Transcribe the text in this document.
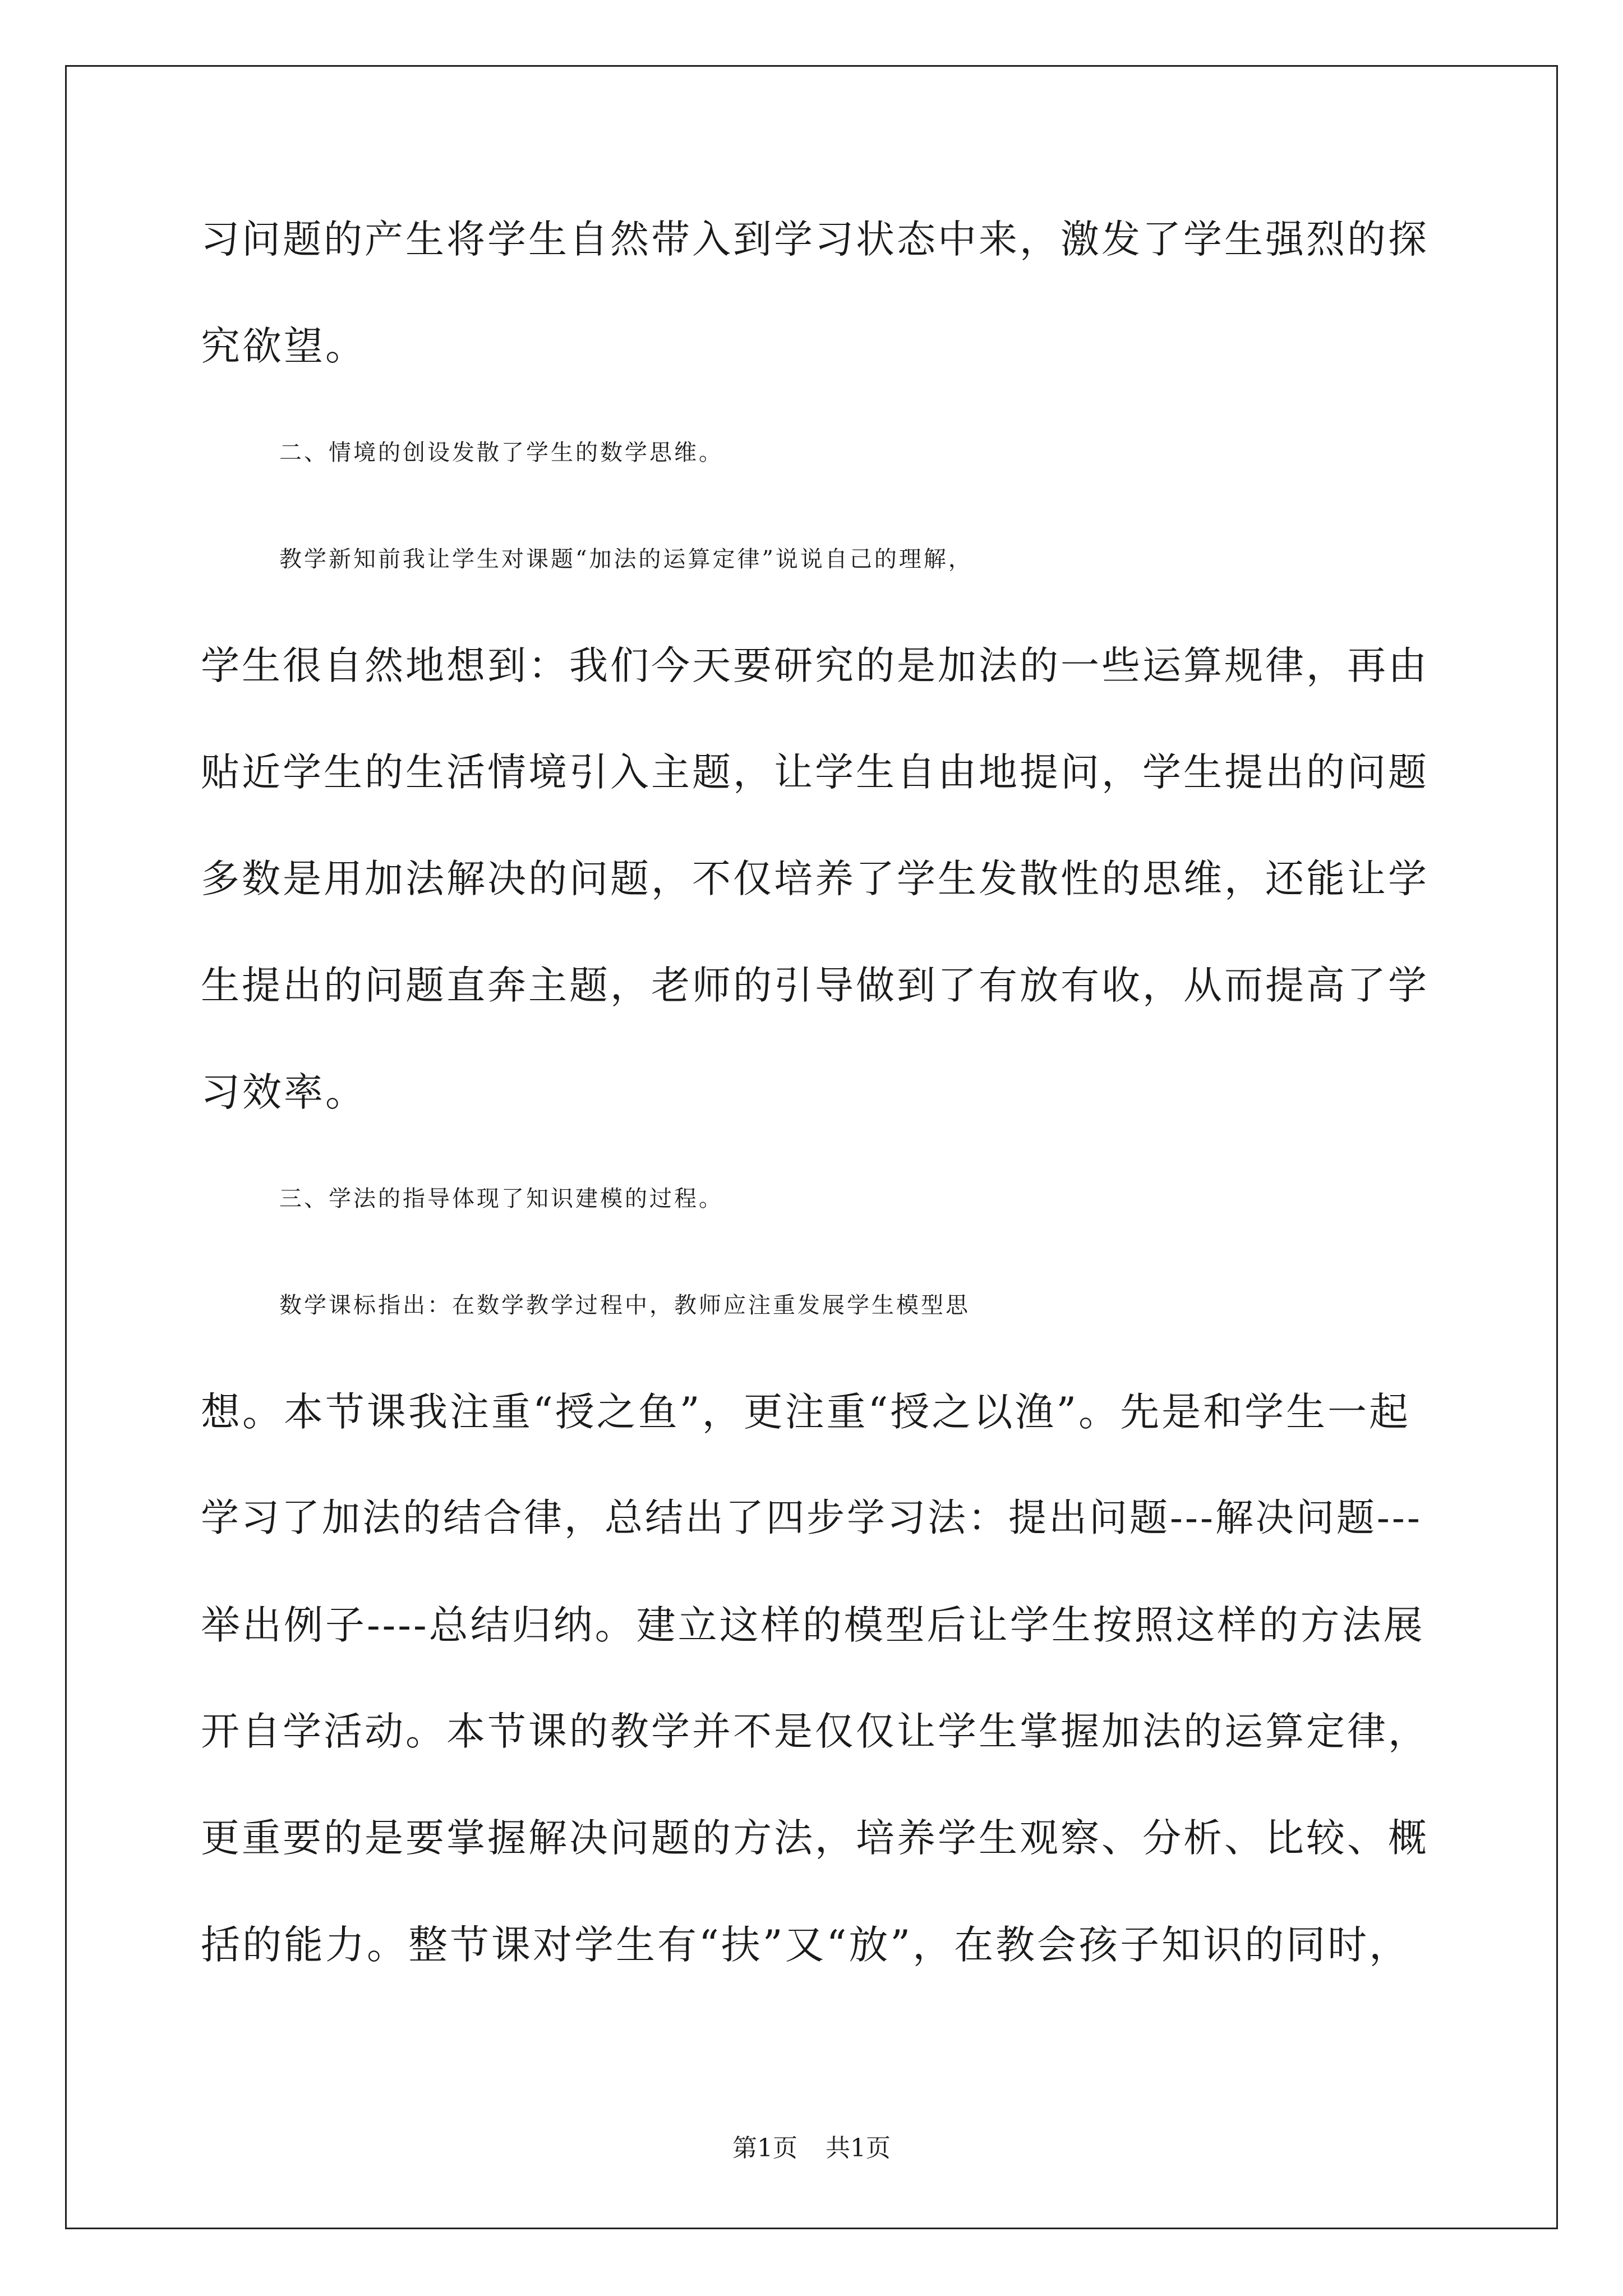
习问题的产生将学生自然带入到学习状态中来，激发了学生强烈的探
究欲望。
二、情境的创设发散了学生的数学思维。
教学新知前我让学生对课题“加法的运算定律”说说自己的理解，
学生很自然地想到：我们今天要研究的是加法的一些运算规律，再由
贴近学生的生活情境引入主题，让学生自由地提问，学生提出的问题
多数是用加法解决的问题，不仅培养了学生发散性的思维，还能让学
生提出的问题直奔主题，老师的引导做到了有放有收，从而提高了学
习效率。
三、学法的指导体现了知识建模的过程。
数学课标指出：在数学教学过程中，教师应注重发展学生模型思
想。本节课我注重“授之鱼”，更注重“授之以渔”。先是和学生一起
学习了加法的结合律，总结出了四步学习法：提出问题---解决问题---
举出例子----总结归纳。建立这样的模型后让学生按照这样的方法展
开自学活动。本节课的教学并不是仅仅让学生掌握加法的运算定律，
更重要的是要掌握解决问题的方法，培养学生观察、分析、比较、概
括的能力。整节课对学生有“扶”又“放”，在教会孩子知识的同时，
第1页 共1页
